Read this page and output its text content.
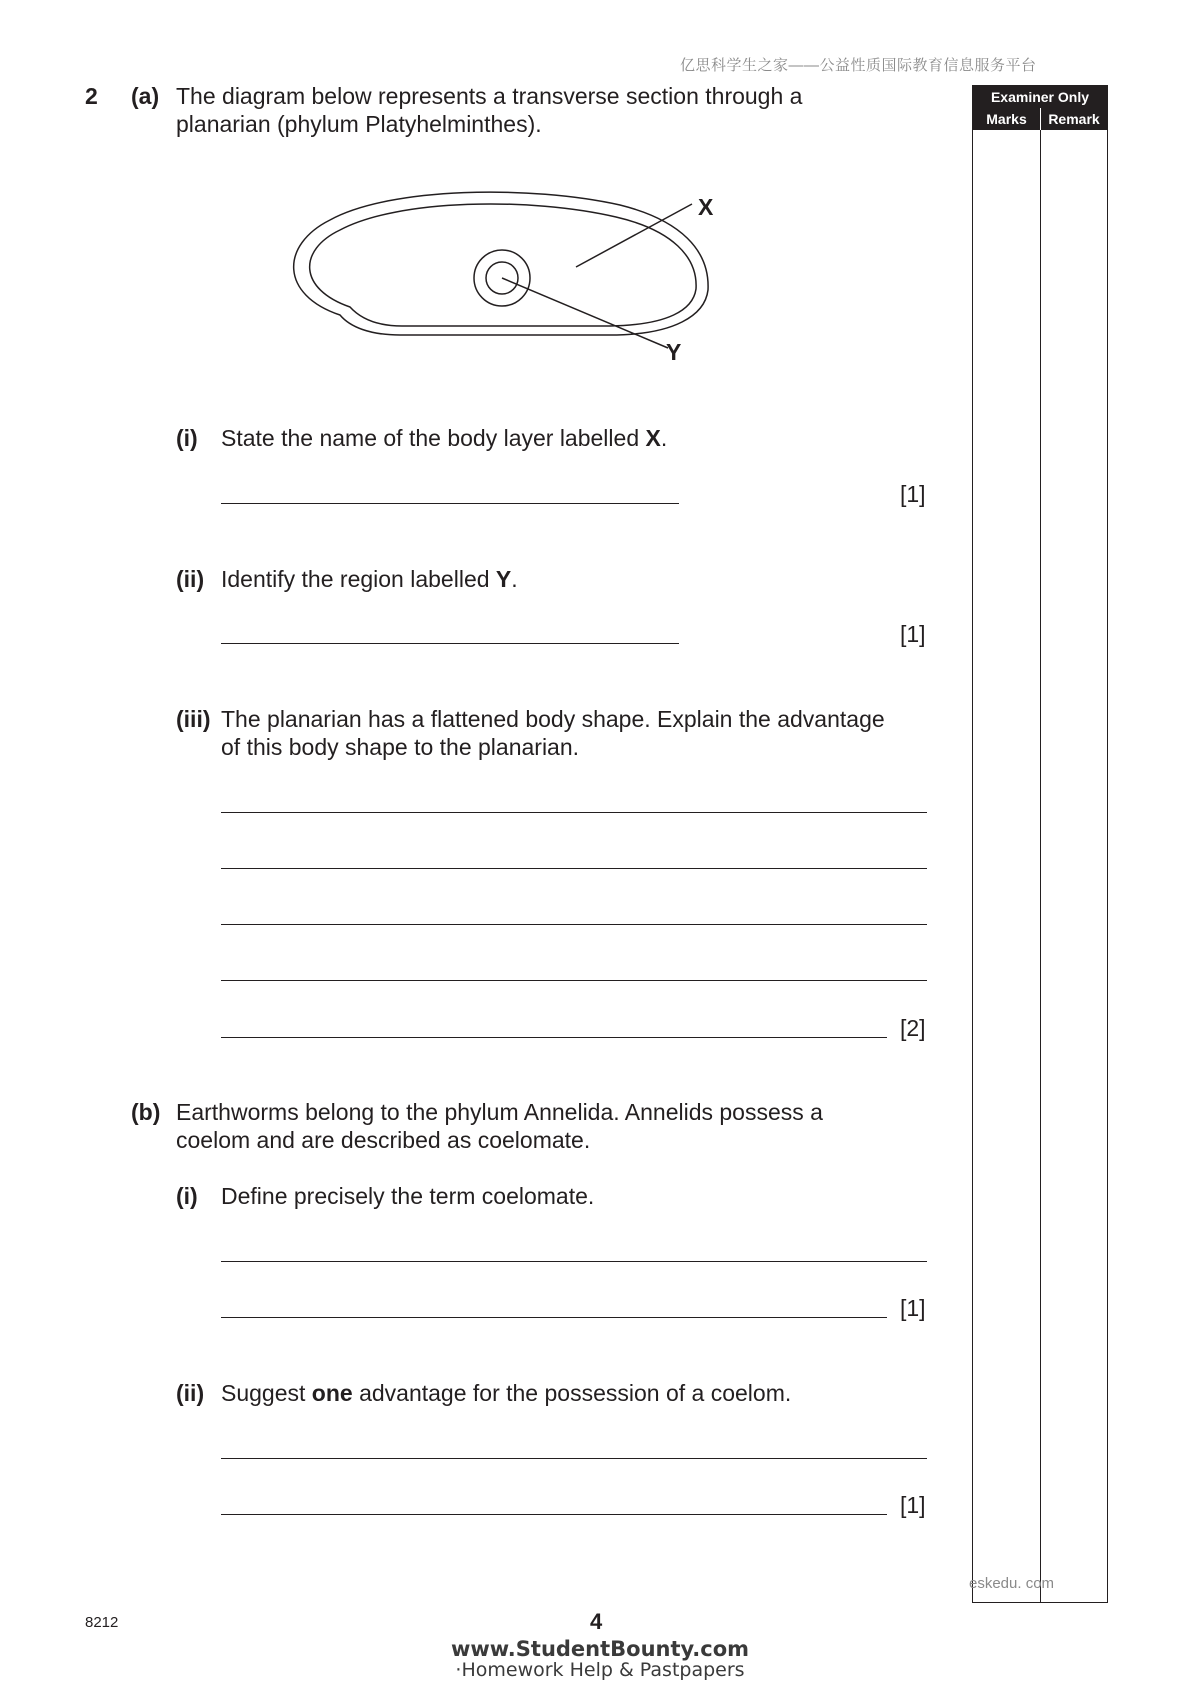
亿思科学生之家——公益性质国际教育信息服务平台
Examiner Only
Marks	Remark
2 (a) The diagram below represents a transverse section through a
planarian (phylum Platyhelminthes).
X
Y
(i) State the name of the body layer labelled X.
[1]
(ii) Identify the region labelled Y.
[1]
(iii) The planarian has a flattened body shape. Explain the advantage
of this body shape to the planarian.
[2]
(b) Earthworms belong to the phylum Annelida. Annelids possess a
coelom and are described as coelomate.
(i) Define precisely the term coelomate.
[1]
(ii) Suggest one advantage for the possession of a coelom.
[1]
eskedu. com
8212	4
www.StudentBounty.com
·Homework Help & Pastpapers
